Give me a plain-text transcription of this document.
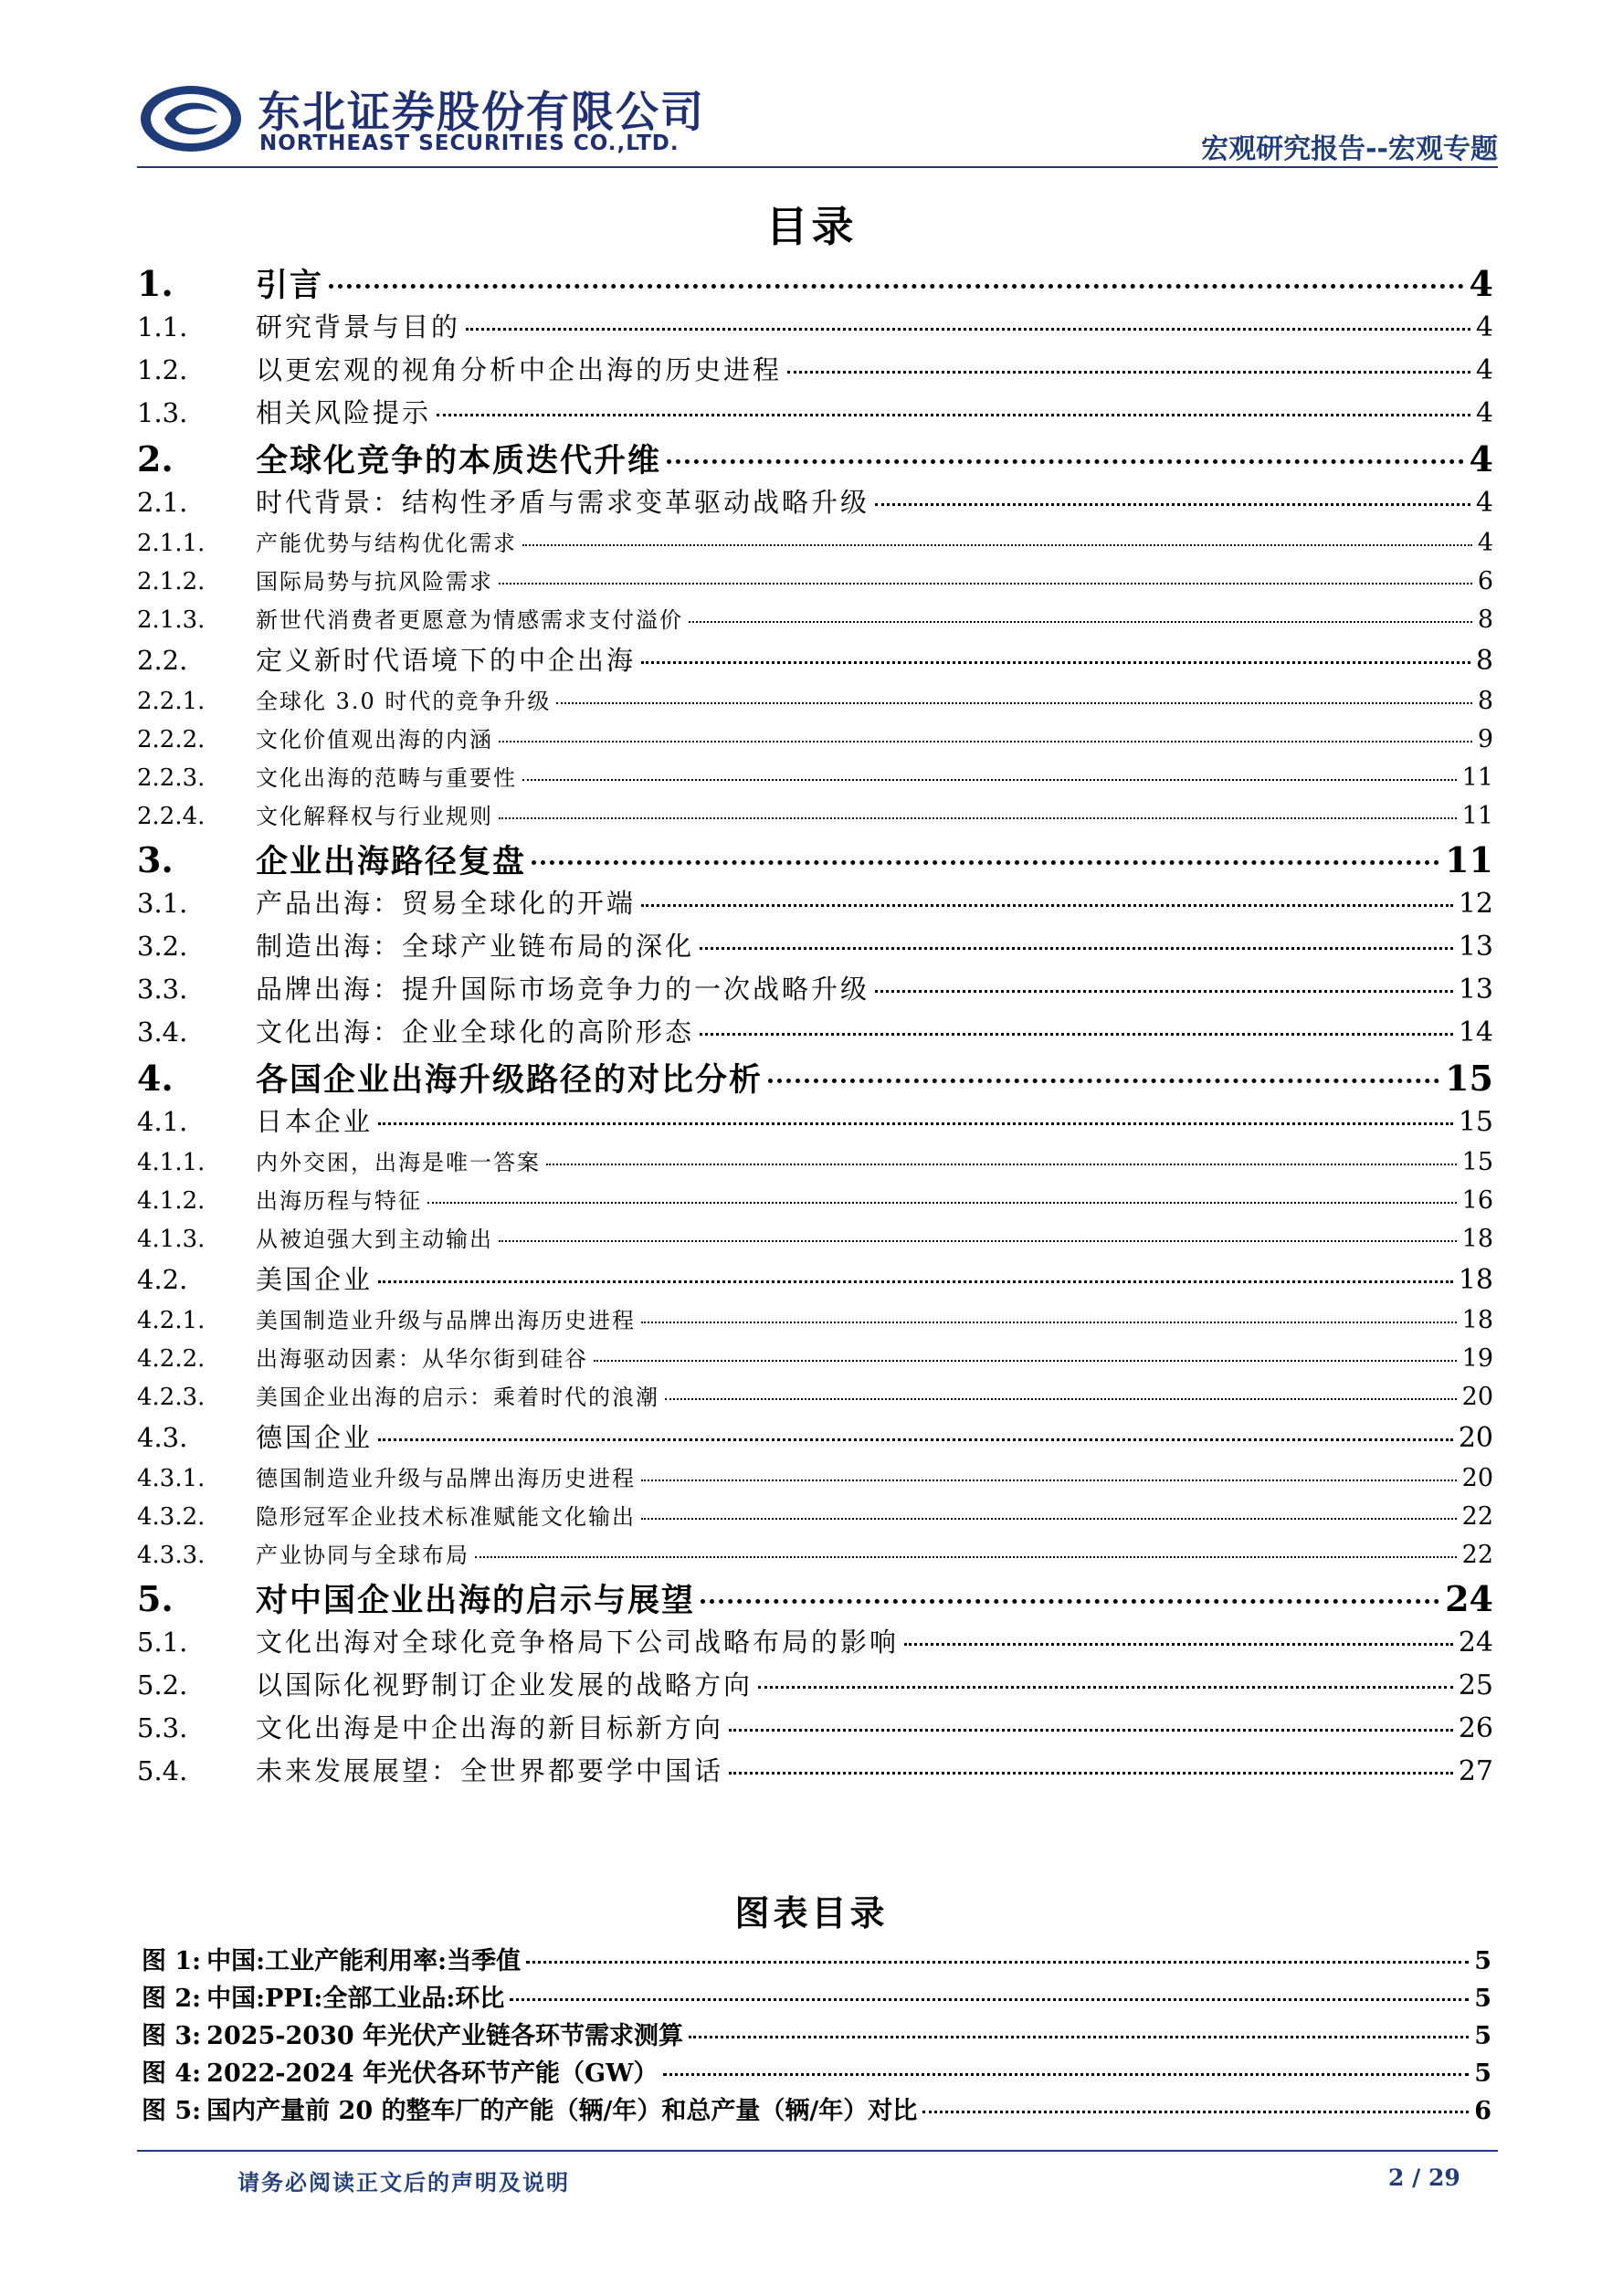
东北证券股份有限公司
NORTHEAST SECURITIES CO.,LTD.	宏观研究报告--宏观专题
目录
1.	引言	4
1.1.	研究背景与目的	4
1.2.	以更宏观的视角分析中企出海的历史进程	4
1.3.	相关风险提示	4
2.	全球化竞争的本质迭代升维	4
2.1.	时代背景：结构性矛盾与需求变革驱动战略升级	4
2.1.1.	产能优势与结构优化需求	4
2.1.2.	国际局势与抗风险需求	6
2.1.3.	新世代消费者更愿意为情感需求支付溢价	8
2.2.	定义新时代语境下的中企出海	8
2.2.1.	全球化 3.0 时代的竞争升级	8
2.2.2.	文化价值观出海的内涵	9
2.2.3.	文化出海的范畴与重要性	11
2.2.4.	文化解释权与行业规则	11
3.	企业出海路径复盘	11
3.1.	产品出海：贸易全球化的开端	12
3.2.	制造出海：全球产业链布局的深化	13
3.3.	品牌出海：提升国际市场竞争力的一次战略升级	13
3.4.	文化出海：企业全球化的高阶形态	14
4.	各国企业出海升级路径的对比分析	15
4.1.	日本企业	15
4.1.1.	内外交困，出海是唯一答案	15
4.1.2.	出海历程与特征	16
4.1.3.	从被迫强大到主动输出	18
4.2.	美国企业	18
4.2.1.	美国制造业升级与品牌出海历史进程	18
4.2.2.	出海驱动因素：从华尔街到硅谷	19
4.2.3.	美国企业出海的启示：乘着时代的浪潮	20
4.3.	德国企业	20
4.3.1.	德国制造业升级与品牌出海历史进程	20
4.3.2.	隐形冠军企业技术标准赋能文化输出	22
4.3.3.	产业协同与全球布局	22
5.	对中国企业出海的启示与展望	24
5.1.	文化出海对全球化竞争格局下公司战略布局的影响	24
5.2.	以国际化视野制订企业发展的战略方向	25
5.3.	文化出海是中企出海的新目标新方向	26
5.4.	未来发展展望：全世界都要学中国话	27
图表目录
图 1: 中国:工业产能利用率:当季值	5
图 2: 中国:PPI:全部工业品:环比	5
图 3: 2025-2030 年光伏产业链各环节需求测算	5
图 4: 2022-2024 年光伏各环节产能（GW）	5
图 5: 国内产量前 20 的整车厂的产能（辆/年）和总产量（辆/年）对比	6
请务必阅读正文后的声明及说明	2 / 29
